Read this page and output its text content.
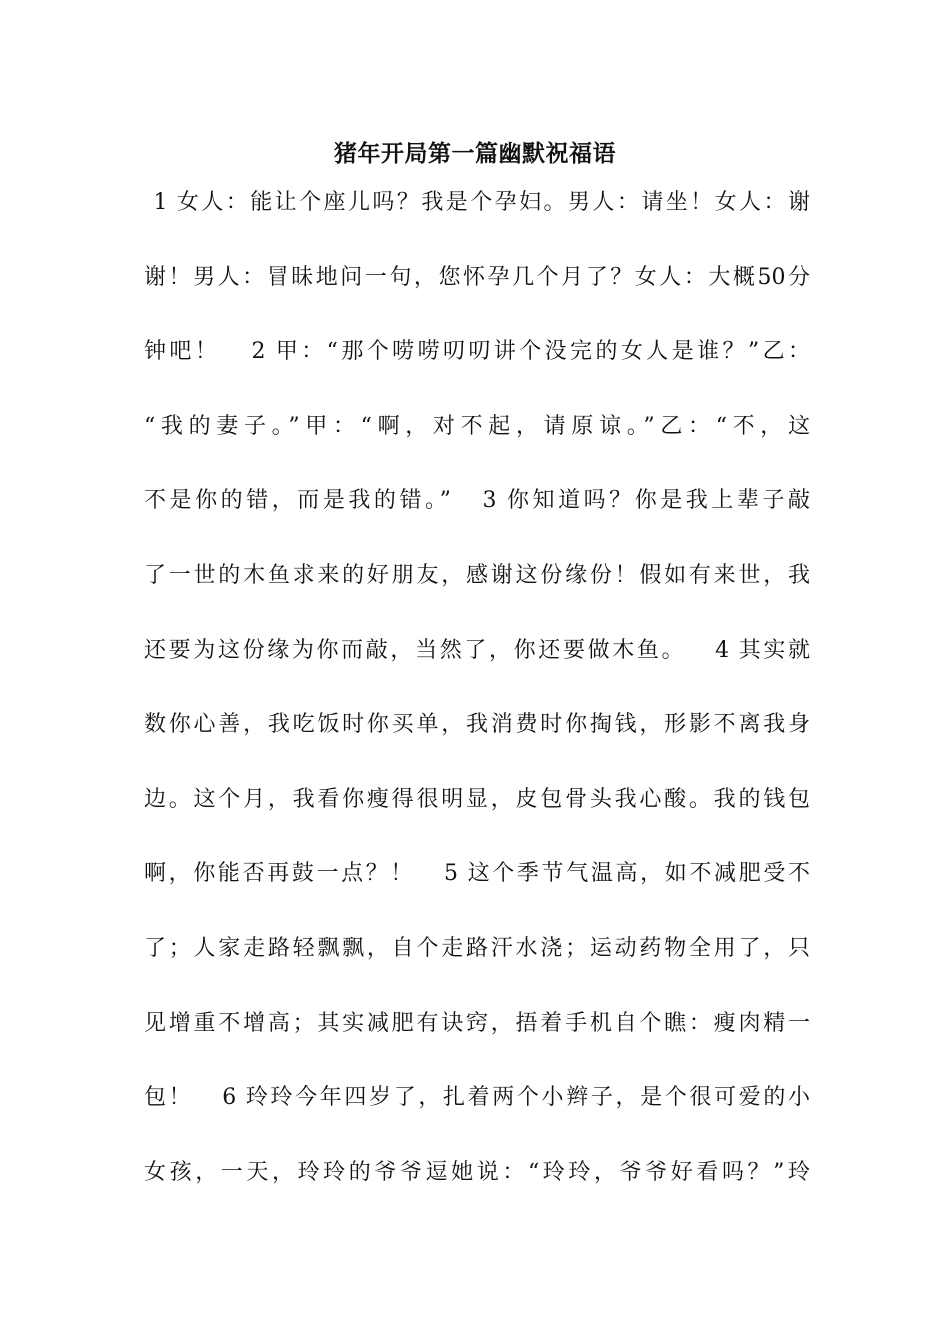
猪年开局第一篇幽默祝福语
1 女人：能让个座儿吗？我是个孕妇。男人：请坐！女人：谢
谢！男人：冒昧地问一句，您怀孕几个月了？女人：大概50分
钟吧！   2 甲：“那个唠唠叨叨讲个没完的女人是谁？”乙：
“我的妻子。”甲：“啊，对不起，请原谅。”乙：“不，这
不是你的错，而是我的错。”   3 你知道吗？你是我上辈子敲
了一世的木鱼求来的好朋友，感谢这份缘份！假如有来世，我
还要为这份缘为你而敲，当然了，你还要做木鱼。   4 其实就
数你心善，我吃饭时你买单，我消费时你掏钱，形影不离我身
边。这个月，我看你瘦得很明显，皮包骨头我心酸。我的钱包
啊，你能否再鼓一点？！   5 这个季节气温高，如不减肥受不
了；人家走路轻飘飘，自个走路汗水浇；运动药物全用了，只
见增重不增高；其实减肥有诀窍，捂着手机自个瞧：瘦肉精一
包！   6 玲玲今年四岁了，扎着两个小辫子，是个很可爱的小
女孩，一天，玲玲的爷爷逗她说：“玲玲，爷爷好看吗？”玲
